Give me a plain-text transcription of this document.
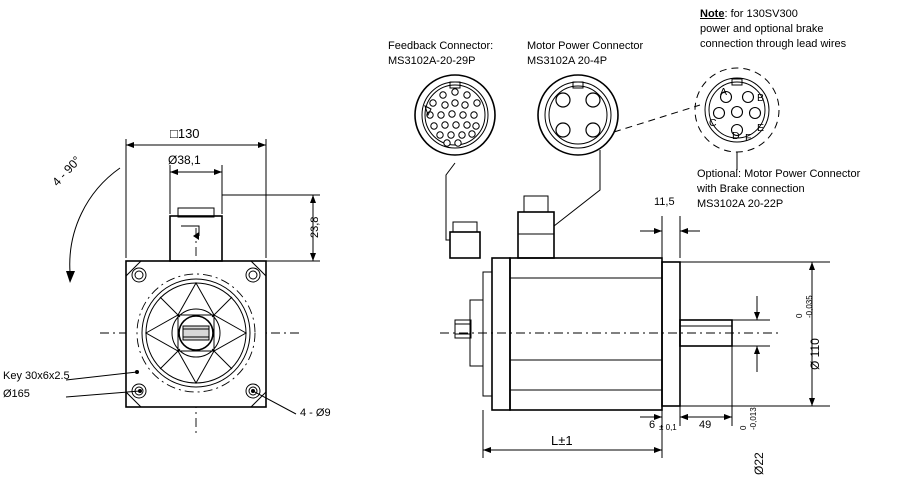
Note: for 130SV300
power and optional brake
connection through lead wires
Feedback Connector:
MS3102A-20-29P
Motor Power Connector
MS3102A 20-4P
Optional: Motor Power Connector
with Brake connection
MS3102A 20-22P
A	B
C
D
E
F
□130
Ø38,1
23,8
4 - 90°
Key 30x6x2.5
Ø165
4 - Ø9
11,5
6 ± 0,1 49
L±1
Ø 110
0 -0,035
Ø22
0 -0,013
